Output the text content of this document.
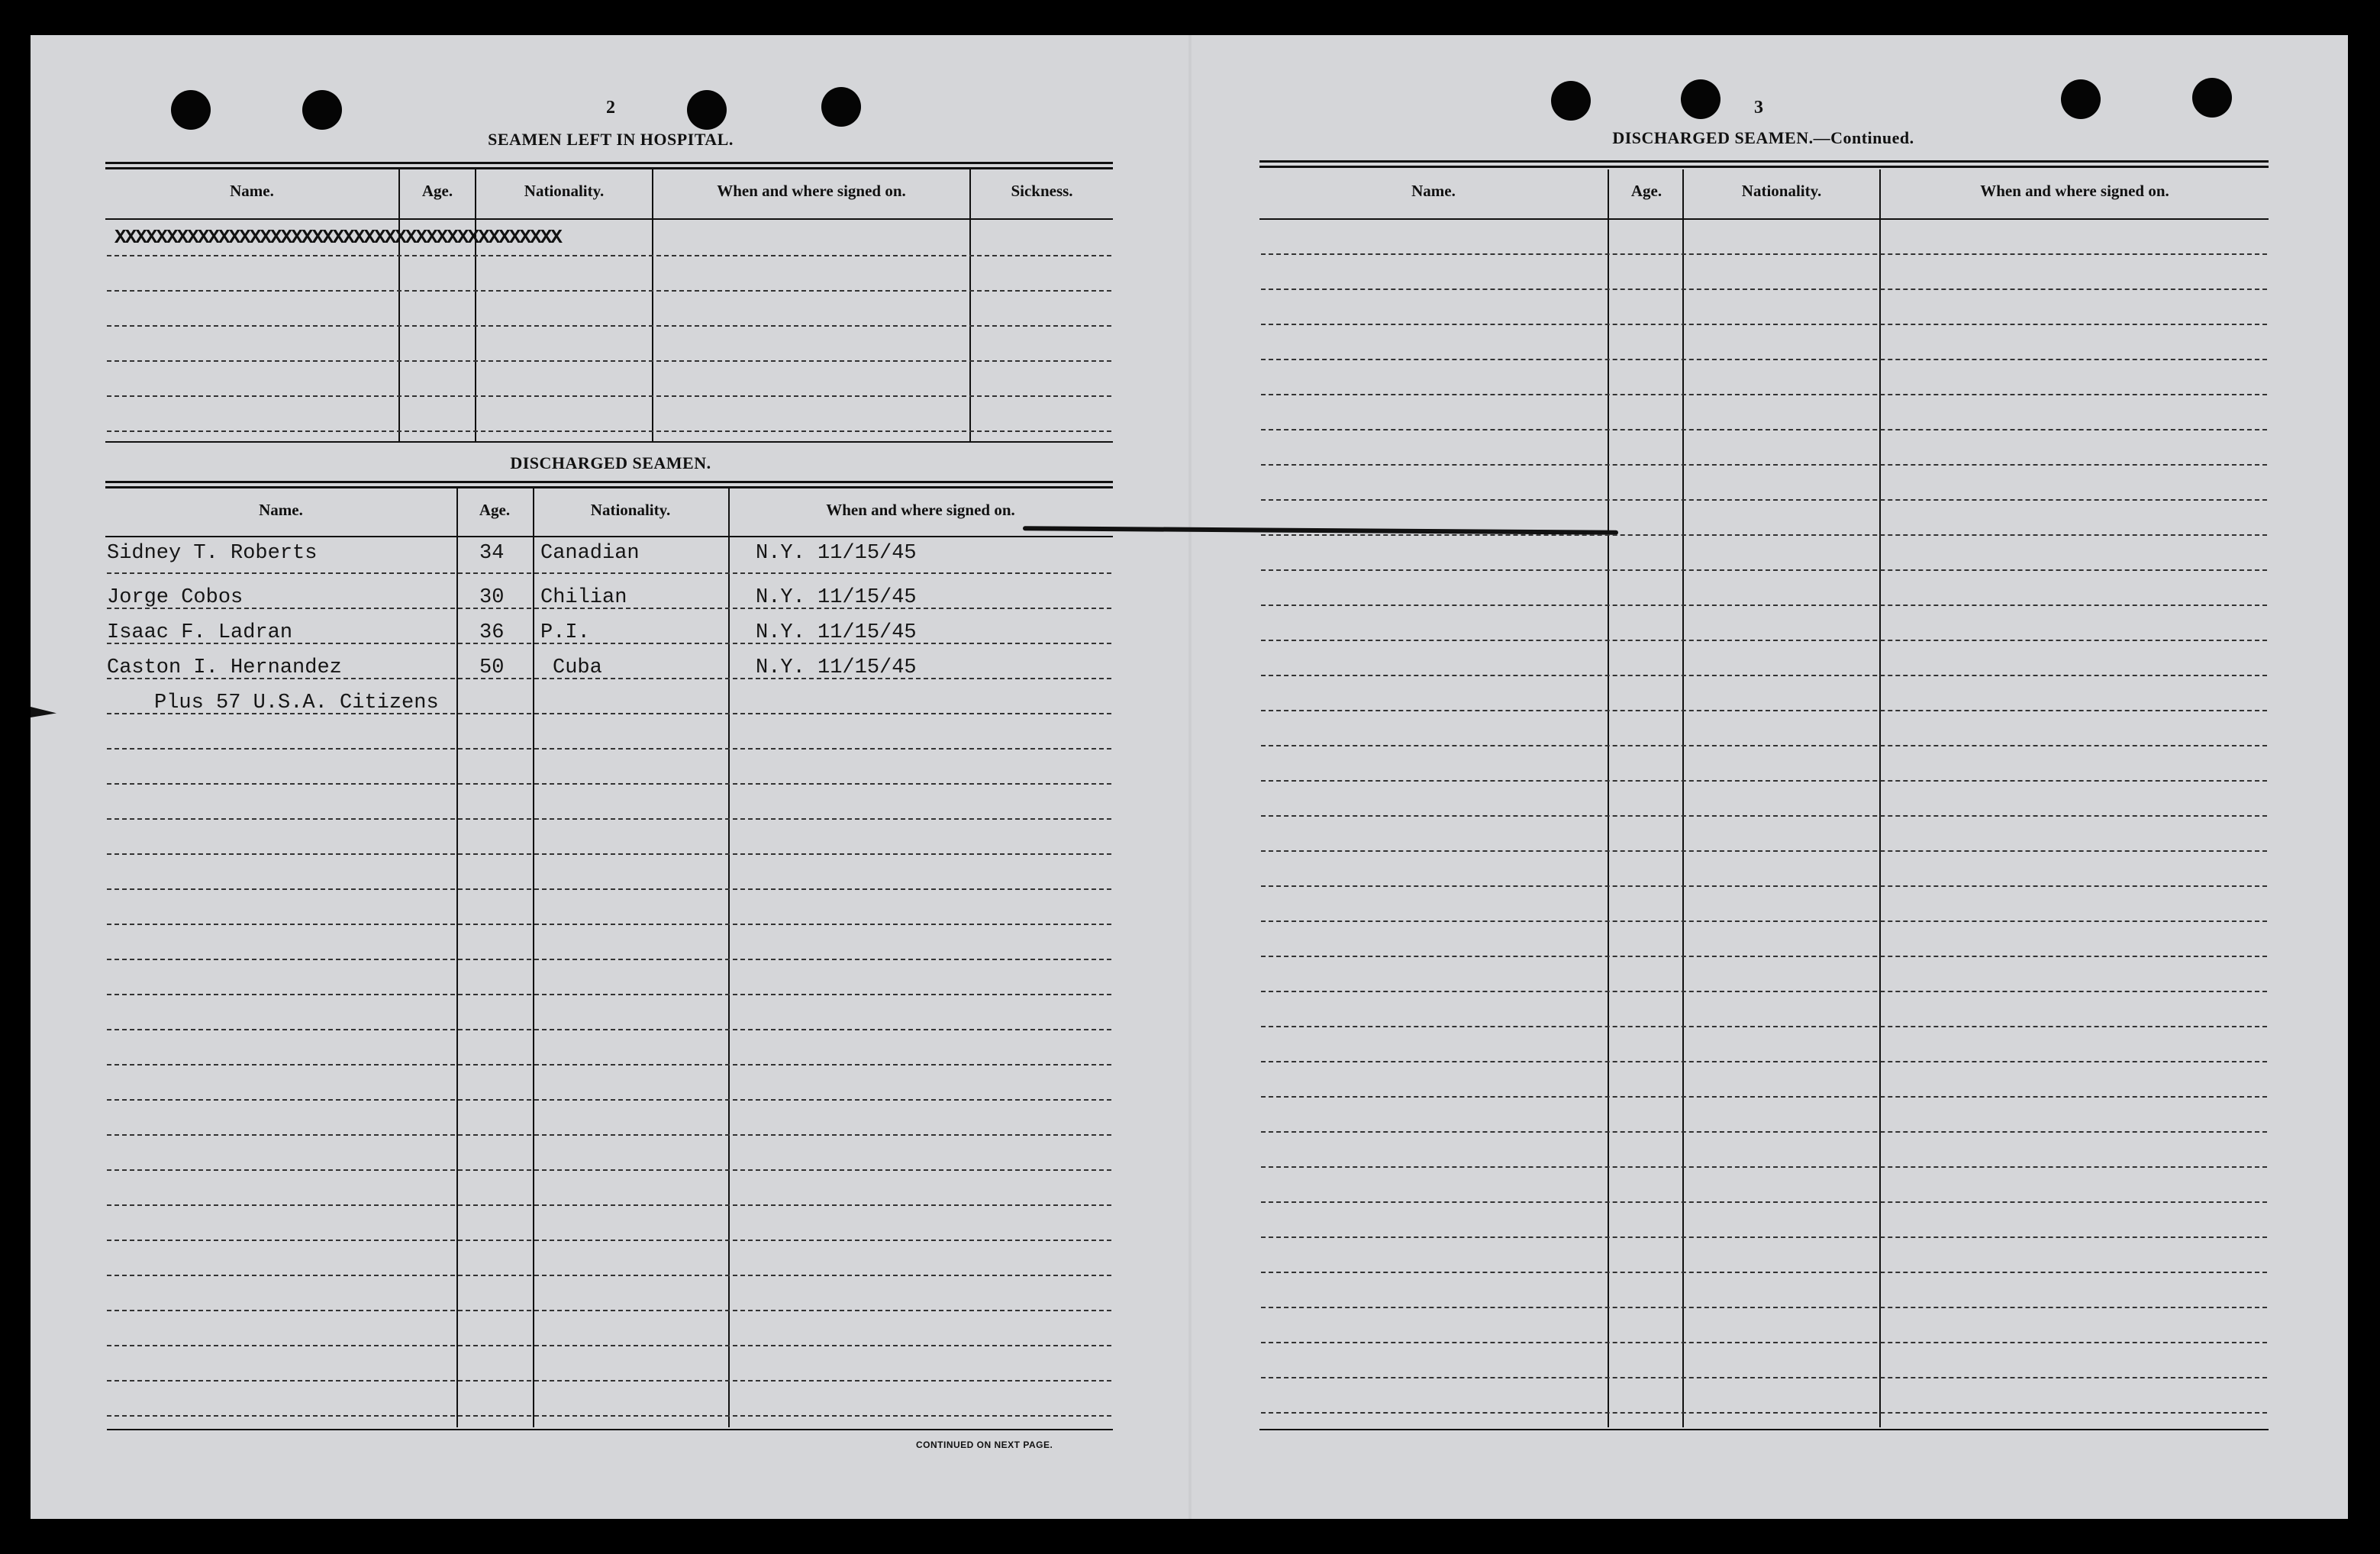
2
SEAMEN LEFT IN HOSPITAL.
Name.	Age.	Nationality.	When and where signed on.	Sickness.
XXXXXXXXXXXXXXXXXXXXXXXXXXXXXXXXXXXXXXXXXXX
DISCHARGED SEAMEN.
Name.	Age.	Nationality.	When and where signed on.
Sidney T. Roberts	34 Canadian	N.Y. 11/15/45
Jorge Cobos	30 Chilian	N.Y. 11/15/45
Isaac F. Ladran	36 P.I.	N.Y. 11/15/45
Caston I. Hernandez	50 Cuba	N.Y. 11/15/45
Plus 57 U.S.A. Citizens
CONTINUED ON NEXT PAGE.
3
DISCHARGED SEAMEN.—Continued.
Name.	Age.	Nationality.	When and where signed on.
